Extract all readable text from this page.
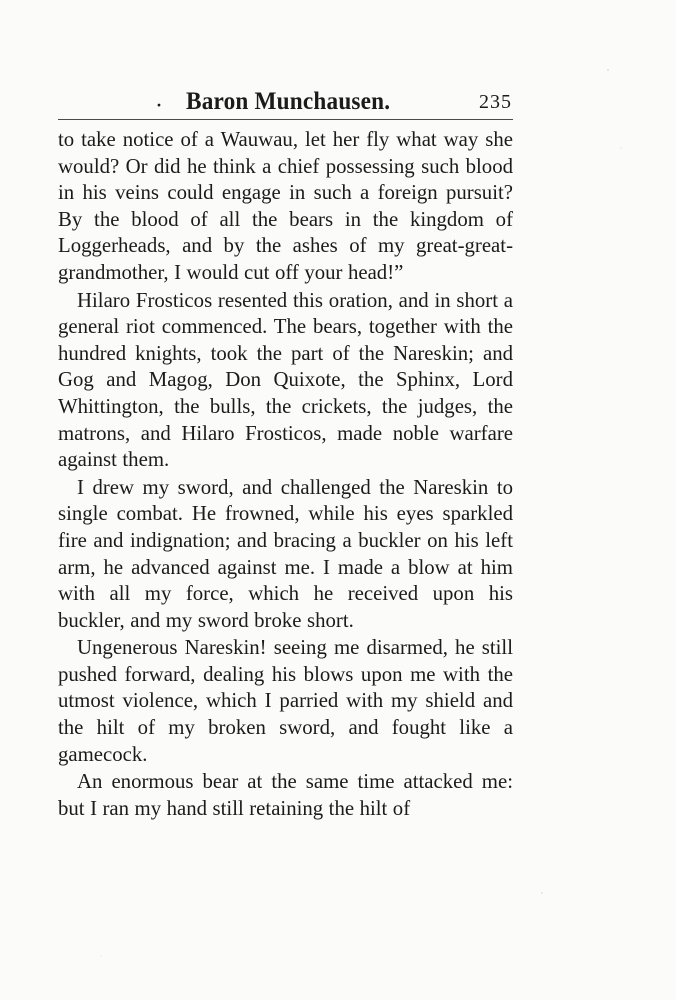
· Baron Munchausen.	235

to take notice of a Wauwau, let her fly what way she would? Or did he think a chief possessing such blood in his veins could engage in such a foreign pursuit? By the blood of all the bears in the kingdom of Loggerheads, and by the ashes of my great-great-grandmother, I would cut off your head!”

Hilaro Frosticos resented this oration, and in short a general riot commenced. The bears, together with the hundred knights, took the part of the Nareskin; and Gog and Magog, Don Quixote, the Sphinx, Lord Whittington, the bulls, the crickets, the judges, the matrons, and Hilaro Frosticos, made noble warfare against them.

I drew my sword, and challenged the Nareskin to single combat. He frowned, while his eyes sparkled fire and indignation; and bracing a buckler on his left arm, he advanced against me. I made a blow at him with all my force, which he received upon his buckler, and my sword broke short.

Ungenerous Nareskin! seeing me disarmed, he still pushed forward, dealing his blows upon me with the utmost violence, which I parried with my shield and the hilt of my broken sword, and fought like a gamecock.

An enormous bear at the same time attacked me: but I ran my hand still retaining the hilt of
